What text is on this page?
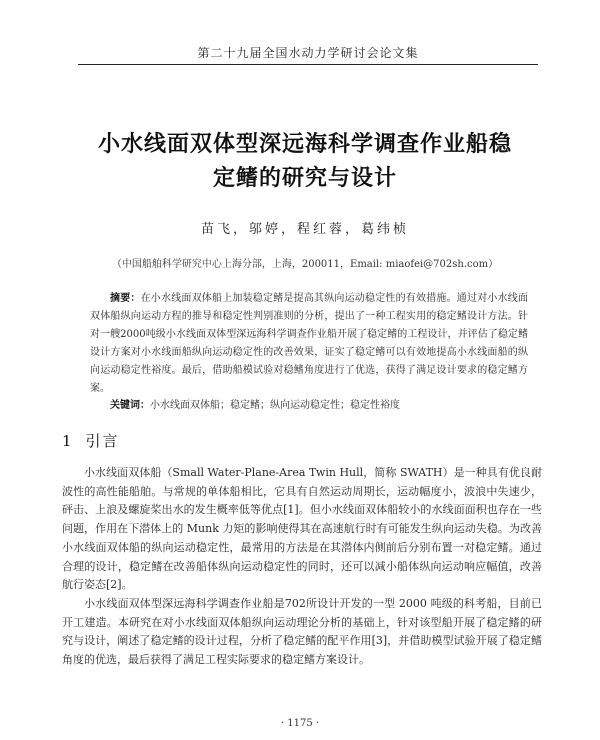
第二十九届全国水动力学研讨会论文集
小水线面双体型深远海科学调查作业船稳
定鳍的研究与设计
苗飞，邬婷，程红蓉，葛纬桢
（中国船舶科学研究中心上海分部，上海，200011，Email: miaofei@702sh.com）
摘要：在小水线面双体船上加装稳定鳍是提高其纵向运动稳定性的有效措施。通过对小水线面双体船纵向运动方程的推导和稳定性判别准则的分析，提出了一种工程实用的稳定鳍设计方法。针对一艘2000吨级小水线面双体型深远海科学调查作业船开展了稳定鳍的工程设计，并评估了稳定鳍设计方案对小水线面船纵向运动稳定性的改善效果，证实了稳定鳍可以有效地提高小水线面船的纵向运动稳定性裕度。最后，借助船模试验对稳鳍角度进行了优选，获得了满足设计要求的稳定鳍方案。
关键词：小水线面双体船；稳定鳍；纵向运动稳定性；稳定性裕度
1 引言

小水线面双体船（Small Water-Plane-Area Twin Hull，简称 SWATH）是一种具有优良耐波性的高性能船舶。与常规的单体船相比，它具有自然运动周期长，运动幅度小，波浪中失速少，砰击、上浪及螺旋桨出水的发生概率低等优点[1]。但小水线面双体船较小的水线面面积也存在一些问题，作用在下潜体上的 Munk 力矩的影响使得其在高速航行时有可能发生纵向运动失稳。为改善小水线面双体船的纵向运动稳定性，最常用的方法是在其潜体内侧前后分别布置一对稳定鳍。通过合理的设计，稳定鳍在改善船体纵向运动稳定性的同时，还可以减小船体纵向运动响应幅值，改善航行姿态[2]。

小水线面双体型深远海科学调查作业船是702所设计开发的一型 2000 吨级的科考船，目前已开工建造。本研究在对小水线面双体船纵向运动理论分析的基础上，针对该型船开展了稳定鳍的研究与设计，阐述了稳定鳍的设计过程，分析了稳定鳍的配平作用[3]，并借助模型试验开展了稳定鳍角度的优选，最后获得了满足工程实际要求的稳定鳍方案设计。

· 1175 ·
